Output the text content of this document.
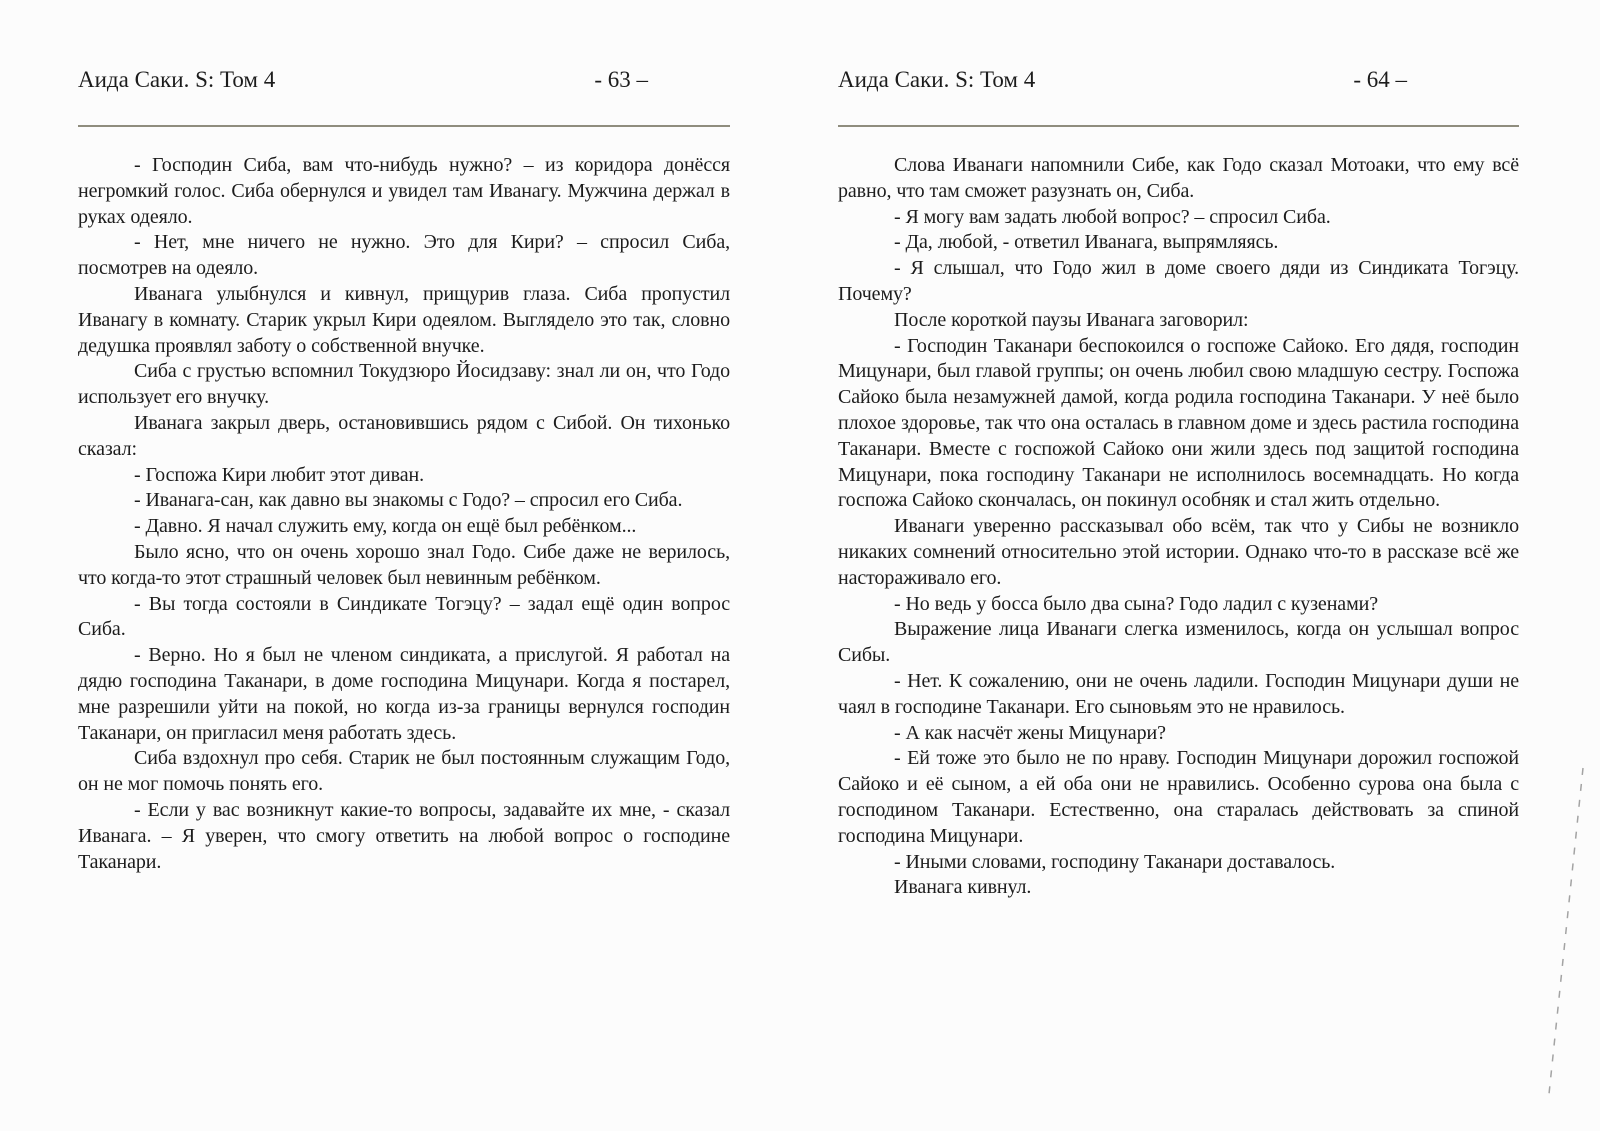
Аида Саки. S: Том 4	- 63 –

- Господин Сиба, вам что-нибудь нужно? – из коридора донёсся негромкий голос. Сиба обернулся и увидел там Иванагу. Мужчина держал в руках одеяло.

- Нет, мне ничего не нужно. Это для Кири? – спросил Сиба, посмотрев на одеяло.

Иванага улыбнулся и кивнул, прищурив глаза. Сиба пропустил Иванагу в комнату. Старик укрыл Кири одеялом. Выглядело это так, словно дедушка проявлял заботу о собственной внучке.

Сиба с грустью вспомнил Токудзюро Йосидзаву: знал ли он, что Годо использует его внучку.

Иванага закрыл дверь, остановившись рядом с Сибой. Он тихонько сказал:

- Госпожа Кири любит этот диван.

- Иванага-сан, как давно вы знакомы с Годо? – спросил его Сиба.

- Давно. Я начал служить ему, когда он ещё был ребёнком...

Было ясно, что он очень хорошо знал Годо. Сибе даже не верилось, что когда-то этот страшный человек был невинным ребёнком.

- Вы тогда состояли в Синдикате Тогэцу? – задал ещё один вопрос Сиба.

- Верно. Но я был не членом синдиката, а прислугой. Я работал на дядю господина Таканари, в доме господина Мицунари. Когда я постарел, мне разрешили уйти на покой, но когда из-за границы вернулся господин Таканари, он пригласил меня работать здесь.

Сиба вздохнул про себя. Старик не был постоянным служащим Годо, он не мог помочь понять его.

- Если у вас возникнут какие-то вопросы, задавайте их мне, - сказал Иванага. – Я уверен, что смогу ответить на любой вопрос о господине Таканари.

Аида Саки. S: Том 4	- 64 –

Слова Иванаги напомнили Сибе, как Годо сказал Мотоаки, что ему всё равно, что там сможет разузнать он, Сиба.

- Я могу вам задать любой вопрос? – спросил Сиба.

- Да, любой, - ответил Иванага, выпрямляясь.

- Я слышал, что Годо жил в доме своего дяди из Синдиката Тогэцу. Почему?

После короткой паузы Иванага заговорил:

- Господин Таканари беспокоился о госпоже Сайоко. Его дядя, господин Мицунари, был главой группы; он очень любил свою младшую сестру. Госпожа Сайоко была незамужней дамой, когда родила господина Таканари. У неё было плохое здоровье, так что она осталась в главном доме и здесь растила господина Таканари. Вместе с госпожой Сайоко они жили здесь под защитой господина Мицунари, пока господину Таканари не исполнилось восемнадцать. Но когда госпожа Сайоко скончалась, он покинул особняк и стал жить отдельно.

Иванаги уверенно рассказывал обо всём, так что у Сибы не возникло никаких сомнений относительно этой истории. Однако что-то в рассказе всё же настораживало его.

- Но ведь у босса было два сына? Годо ладил с кузенами?

Выражение лица Иванаги слегка изменилось, когда он услышал вопрос Сибы.

- Нет. К сожалению, они не очень ладили. Господин Мицунари души не чаял в господине Таканари. Его сыновьям это не нравилось.

- А как насчёт жены Мицунари?

- Ей тоже это было не по нраву. Господин Мицунари дорожил госпожой Сайоко и её сыном, а ей оба они не нравились. Особенно сурова она была с господином Таканари. Естественно, она старалась действовать за спиной господина Мицунари.

- Иными словами, господину Таканари доставалось.

Иванага кивнул.
